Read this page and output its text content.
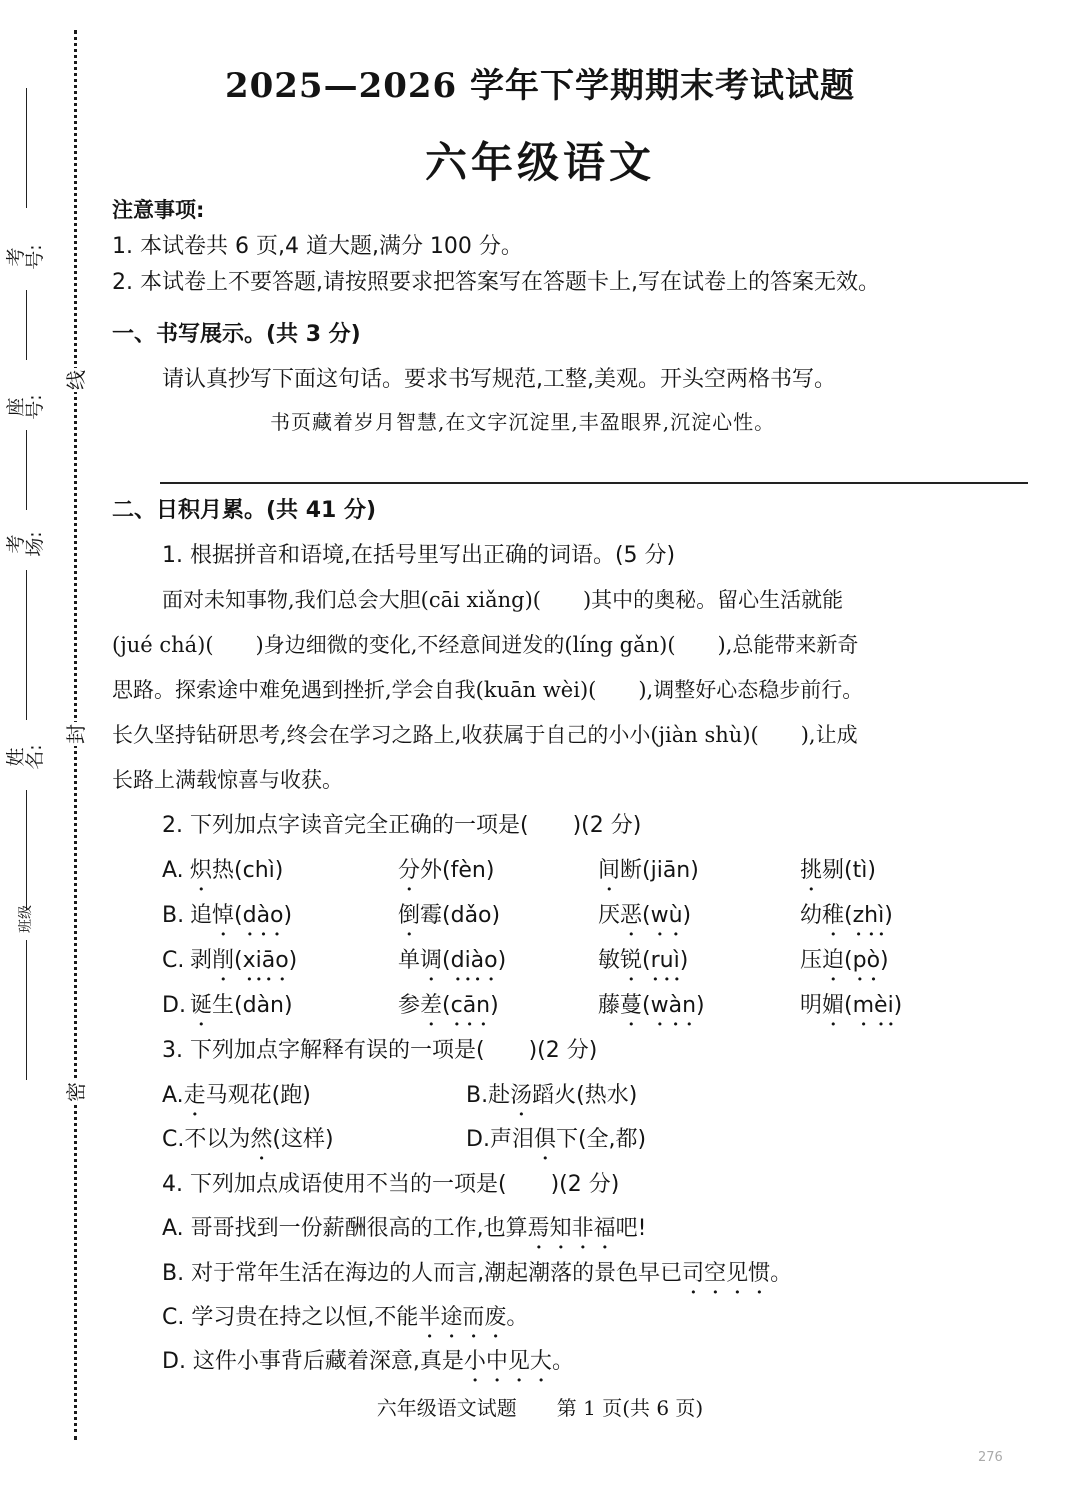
考号:
座号:
考场:
姓名:
班级
线
封
密
2025—2026 学年下学期期末考试试题
六年级语文
注意事项:
1. 本试卷共 6 页,4 道大题,满分 100 分。
2. 本试卷上不要答题,请按照要求把答案写在答题卡上,写在试卷上的答案无效。
一、书写展示。(共 3 分)
请认真抄写下面这句话。要求书写规范,工整,美观。开头空两格书写。
书页藏着岁月智慧,在文字沉淀里,丰盈眼界,沉淀心性。
二、日积月累。(共 41 分)
1. 根据拼音和语境,在括号里写出正确的词语。(5 分)
面对未知事物,我们总会大胆(cāi xiǎng)(　　)其中的奥秘。留心生活就能
(jué chá)(　　)身边细微的变化,不经意间迸发的(líng gǎn)(　　),总能带来新奇
思路。探索途中难免遇到挫折,学会自我(kuān wèi)(　　),调整好心态稳步前行。
长久坚持钻研思考,终会在学习之路上,收获属于自己的小小(jiàn shù)(　　),让成
长路上满载惊喜与收获。
2. 下列加点字读音完全正确的一项是(　　)(2 分)
A. 炽热(chì)	分外(fèn)	间断(jiān)	挑剔(tì)
B. 追悼(dào)	倒霉(dǎo)	厌恶(wù)	幼稚(zhì)
C. 剥削(xiāo)	单调(diào)	敏锐(ruì)	压迫(pò)
D. 诞生(dàn)	参差(cān)	藤蔓(wàn)	明媚(mèi)
3. 下列加点字解释有误的一项是(　　)(2 分)
A.走马观花(跑)	B.赴汤蹈火(热水)
C.不以为然(这样)	D.声泪俱下(全,都)
4. 下列加点成语使用不当的一项是(　　)(2 分)
A. 哥哥找到一份薪酬很高的工作,也算焉知非福吧!
B. 对于常年生活在海边的人而言,潮起潮落的景色早已司空见惯。
C. 学习贵在持之以恒,不能半途而废。
D. 这件小事背后藏着深意,真是小中见大。
六年级语文试题　　第 1 页(共 6 页)
276
